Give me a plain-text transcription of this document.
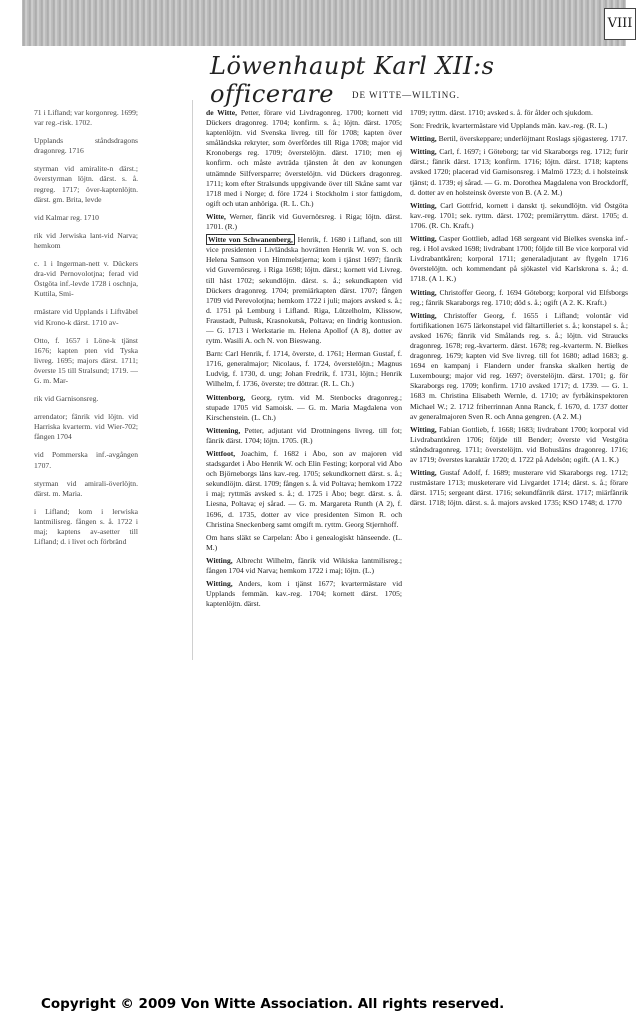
VIII
Löwenhaupt Karl XII:s officerare	DE WITTE—WILTING.
71 i Lifland; var korgonreg. 1699; var reg.-risk. 1702.
Upplands ståndsdragons dragonreg. 1716
styrman vid amiralite-n därst.; överstyrman löjtn. därst. s. å. regreg. 1717; över-kaptenlöjtn. därst. gm. Brita, levde
vid Kalmar reg. 1710
rik vid Jerwiska lant-vid Narva; hemkom
c. 1 i Ingerman-nett v. Dückers dra-vid Pernovolotjna; ferad vid Östgöta inf.-levde 1728 i oschnja, Kuttila, Smi-
rmästare vid Upplands i Liftväbel vid Krono-k därst. 1710 av-
Otto, f. 1657 i Löne-k tjänst 1676; kapten pten vid Tyska livreg. 1695; majors därst. 1711; överste 15 till Stralsund; 1719. — G. m. Mar-
rik vid Garnisonsreg.
arrendator; fänrik vid löjtn. vid Harriska kvarterm. vid Wier-702; fången 1704
vid Pommerska inf.-avgången 1707.
styrman vid amirali-överlöjtn. därst. m. Maria.
i Lifland; kom i lerwiska lantmilisreg. fången s. å. 1722 i maj; kaptens av-asetter till Lifland; d. i livet och förbränd
de Witte, Petter, förare vid Livdragonreg. 1700; kornett vid Dückers dragonreg. 1704; konfirm. s. å.; löjtn. därst. 1705; kaptenlöjtn. vid Svenska livreg. till för 1708; kapten över småländska rekryter, som överfördes till Riga 1708; major vid Kronobergs reg. 1709; överstelöjtn. därst. 1710; men ej konfirm. och måste avträda tjänsten åt den av konungen utnämnde Silfversparre; överstelöjtn. vid Dückers dragonreg. 1711; kom efter Stralsunds uppgivande över till Skåne samt var 1718 med i Norge; d. före 1724 i Stockholm i stor fattigdom, ogift och utan anhöriga. (R. L. Ch.)
Witte, Werner, fänrik vid Guvernörsreg. i Riga; löjtn. därst. 1701. (R.)
Witte von Schwanenberg, Henrik, f. 1680 i Lifland, son till vice presidenten i Livländska hovrätten Henrik W. von S. och Helena Samson von Himmelstjerna; kom i tjänst 1697; fänrik vid Guvernörsreg. i Riga 1698; löjtn. därst.; kornett vid Livreg. till häst 1702; sekundlöjtn. därst. s. å.; sekundkapten vid Dückers dragonreg. 1704; premiärkapten därst. 1707; fången 1709 vid Perevolotjna; hemkom 1722 i juli; majors avsked s. å.; d. 1751 på Lemburg i Lifland. Riga, Lützelholm, Klissow, Fraustadt, Pultusk, Krasnokutsk, Poltava; en lindrig kontusion. — G. 1713 i Werkstarie m. Helena Apollof (A 8), dotter av rytm. Wasili A. och N. von Bieswang.
Barn: Carl Henrik, f. 1714, överste, d. 1761; Herman Gustaf, f. 1716, generalmajor; Nicolaus, f. 1724, överstelöjtn.; Magnus Ludvig, f. 1730, d. ung; Johan Fredrik, f. 1731, löjtn.; Henrik Wilhelm, f. 1736, överste; tre döttrar. (R. L. Ch.)
Wittenborg, Georg, rytm. vid M. Stenbocks dragonreg.; stupade 1705 vid Samoisk. — G. m. Maria Magdalena von Kirschenstein. (L. Ch.)
Wittening, Petter, adjutant vid Drottningens livreg. till fot; fänrik därst. 1704; löjtn. 1705. (R.)
Wittfoot, Joachim, f. 1682 i Åbo, son av majoren vid stadsgardet i Åbo Henrik W. och Elin Festing; korporal vid Åbo och Björneborgs läns kav.-reg. 1705; sekundkornett därst. s. å.; sekundlöjtn. därst. 1709; fången s. å. vid Poltava; hemkom 1722 i maj; ryttmäs avsked s. å.; d. 1725 i Åbo; begr. därst. s. å. Liesna, Poltava; ej sårad. — G. m. Margareta Runth (A 2), f. 1696, d. 1735, dotter av vice presidenten Simon R. och Christina Sneckenberg samt omgift m. ryttm. Georg Stjernhoff.
Om hans släkt se Carpelan: Åbo i genealogiskt hänseende. (L. M.)
Witting, Albrecht Wilhelm, fänrik vid Wikiska lantmilisreg.; fången 1704 vid Narva; hemkom 1722 i maj; löjtn. (L.)
Witting, Anders, kom i tjänst 1677; kvartermästare vid Upplands femmän. kav.-reg. 1704; kornett därst. 1705; kaptenlöjtn. därst.
1709; ryttm. därst. 1710; avsked s. å. för ålder och sjukdom.
Son: Fredrik, kvartermästare vid Upplands män. kav.-reg. (R. L.)
Witting, Bertil, överskeppare; underlöjtnant Roslags sjögastereg. 1717.
Witting, Carl, f. 1697; i Göteborg; tar vid Skaraborgs reg. 1712; furir därst.; fänrik därst. 1713; konfirm. 1716; löjtn. därst. 1718; kaptens avsked 1720; placerad vid Garnisonsreg. i Malmö 1723; d. i holsteinsk tjänst; d. 1739; ej sårad. — G. m. Dorothea Magdalena von Brockdorff, d. dotter av en holsteinsk överste von B. (A 2. M.)
Witting, Carl Gottfrid, kornett i danskt tj. sekundlöjtn. vid Östgöta kav.-reg. 1701; sek. ryttm. därst. 1702; premiärryttm. därst. 1705; d. 1706. (R. Ch. Kraft.)
Witting, Casper Gottlieb, adlad 168 sergeant vid Bielkes svenska inf.-reg. i Hol avsked 1698; livdrabant 1700; följde till Be vice korporal vid Livdrabantkåren; korporal 1711; generaladjutant av flygeln 1716 överstelöjtn. och kommendant på sjökastel vid Karlskrona s. å.; d. 1718. (A 1. K.)
Witting, Christoffer Georg, f. 1694 Göteborg; korporal vid Elfsborgs reg.; fänrik Skaraborgs reg. 1710; död s. å.; ogift (A 2. K. Kraft.)
Witting, Christoffer Georg, f. 1655 i Lifland; volontär vid fortifikationen 1675 lärkonstapel vid fältartilleriet s. å.; konstapel s. å.; avsked 1676; fänrik vid Smålands reg. s. å.; löjtn. vid Straucks dragonreg. 1678; reg.-kvarterm. därst. 1678; reg.-kvarterm. N. Bielkes dragonreg. 1679; kapten vid Sve livreg. till fot 1680; adlad 1683; g. 1694 en kampanj i Flandern under franska skalken hertig de Luxembourg; major vid reg. 1697; överstelöjtn. därst. 1701; g. för Skaraborgs reg. 1709; konfirm. 1710 avsked 1717; d. 1739. — G. 1. 1683 m. Christina Elisabeth Wernle, d. 1710; av fyrbåkinspektoren Michael W.; 2. 1712 friherrinnan Anna Ranck, f. 1670, d. 1737 dotter av generalmajoren Sven R. och Anna gengren. (A 2. M.)
Witting, Fabian Gottlieb, f. 1668; 1683; livdrabant 1700; korporal vid Livdrabantkåren 1706; följde till Bender; överste vid Vestgöta ståndsdragonreg. 1711; överstelöjtn. vid Bohusläns dragonreg. 1716; av 1719; överstes karaktär 1720; d. 1722 på Adelsön; ogift. (A 1. K.)
Witting, Gustaf Adolf, f. 1689; musterare vid Skaraborgs reg. 1712; rustmästare 1713; musketerare vid Livgardet 1714; därst. s. å.; förare därst. 1715; sergeant därst. 1716; sekundfänrik därst. 1717; miärfänrik därst. 1718; löjtn. därst. s. å. majors avsked 1735; KSO 1748; d. 1770
Copyright © 2009 Von Witte Association. All rights reserved.
